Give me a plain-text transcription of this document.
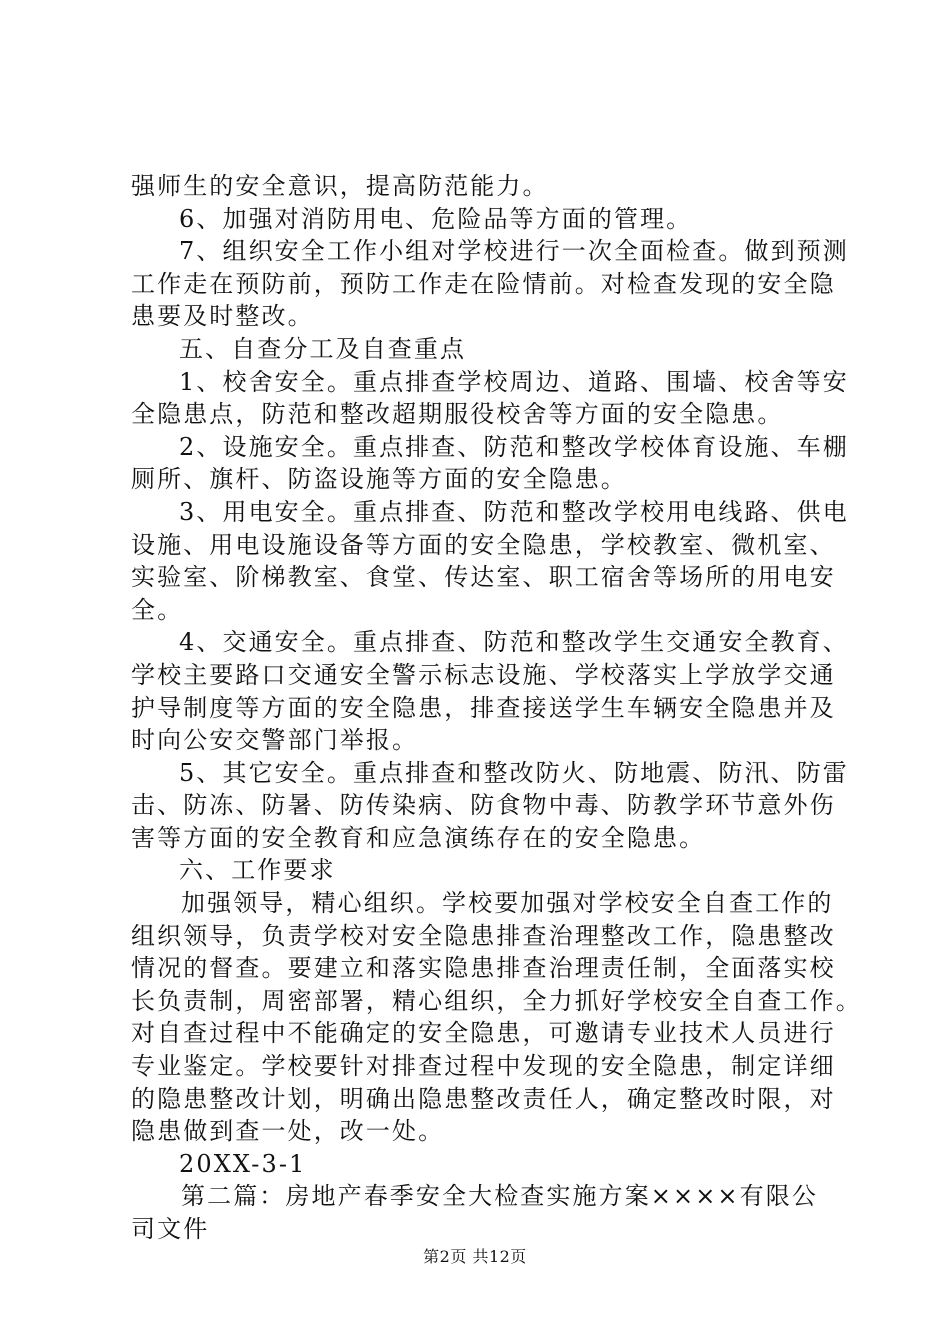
强师生的安全意识，提高防范能力。
6、加强对消防用电、危险品等方面的管理。
7、组织安全工作小组对学校进行一次全面检查。做到预测
工作走在预防前，预防工作走在险情前。对检查发现的安全隐
患要及时整改。
五、自查分工及自查重点
1、校舍安全。重点排查学校周边、道路、围墙、校舍等安
全隐患点，防范和整改超期服役校舍等方面的安全隐患。
2、设施安全。重点排查、防范和整改学校体育设施、车棚
厕所、旗杆、防盗设施等方面的安全隐患。
3、用电安全。重点排查、防范和整改学校用电线路、供电
设施、用电设施设备等方面的安全隐患，学校教室、微机室、
实验室、阶梯教室、食堂、传达室、职工宿舍等场所的用电安
全。
4、交通安全。重点排查、防范和整改学生交通安全教育、
学校主要路口交通安全警示标志设施、学校落实上学放学交通
护导制度等方面的安全隐患，排查接送学生车辆安全隐患并及
时向公安交警部门举报。
5、其它安全。重点排查和整改防火、防地震、防汛、防雷
击、防冻、防暑、防传染病、防食物中毒、防教学环节意外伤
害等方面的安全教育和应急演练存在的安全隐患。
六、工作要求
加强领导，精心组织。学校要加强对学校安全自查工作的
组织领导，负责学校对安全隐患排查治理整改工作，隐患整改
情况的督查。要建立和落实隐患排查治理责任制，全面落实校
长负责制，周密部署，精心组织，全力抓好学校安全自查工作。
对自查过程中不能确定的安全隐患，可邀请专业技术人员进行
专业鉴定。学校要针对排查过程中发现的安全隐患，制定详细
的隐患整改计划，明确出隐患整改责任人，确定整改时限，对
隐患做到查一处，改一处。
20XX-3-1
第二篇：房地产春季安全大检查实施方案××××有限公
司文件
第2页 共12页
